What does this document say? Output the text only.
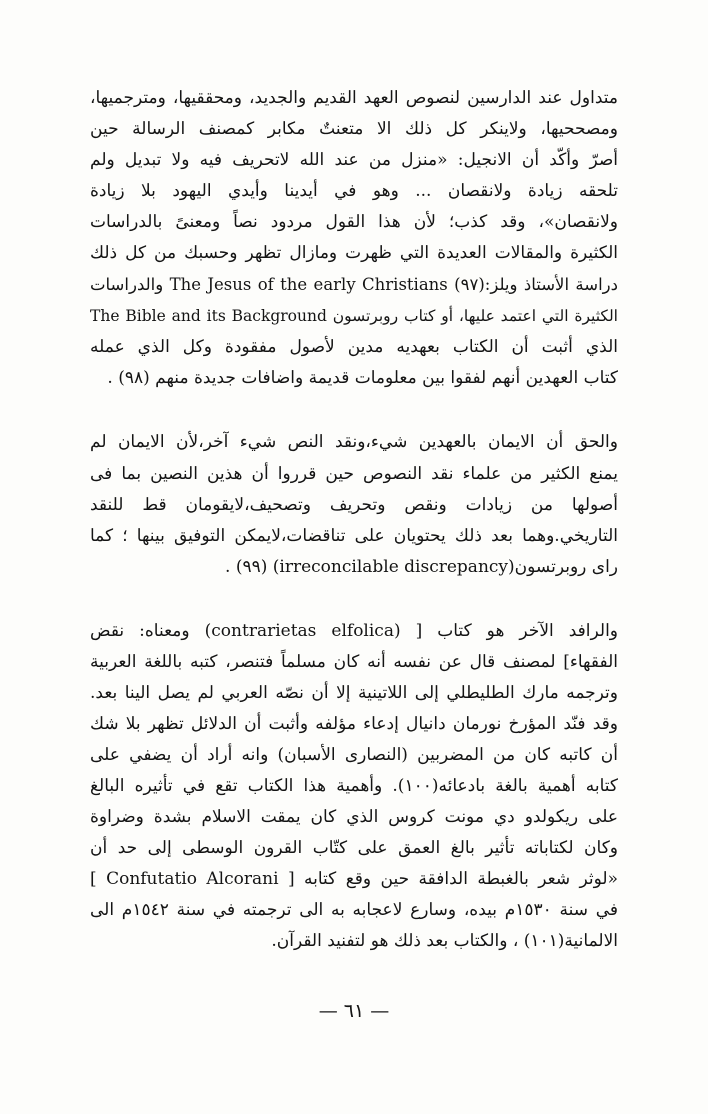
متداول عند الدارسين لنصوص العهد القديم والجديد، ومحققيها، ومترجميها،
ومصححيها، ولاينكر كل ذلك الا متعنتٌ مكابر كمصنف الرسالة حين
أصرّ وأكّد أن الانجيل: «منزل من عند الله لاتحريف فيه ولا تبديل ولم
تلحقه زيادة ولانقصان ... وهو في أيدينا وأيدي اليهود بلا زيادة
ولانقصان»، وقد كذب؛ لأن هذا القول مردود نصاً ومعنىً بالدراسات
الكثيرة والمقالات العديدة التي ظهرت ومازال تظهر وحسبك من كل ذلك
دراسة الأستاذ ويلز:(٩٧) The Jesus of the early Christians والدراسات
الكثيرة التي اعتمد عليها، أو كتاب روبرتسون The Bible and its Background
الذي أثبت أن الكتاب بعهديه مدين لأصول مفقودة وكل الذي عمله
كتاب العهدين أنهم لفقوا بين معلومات قديمة واضافات جديدة منهم (٩٨) .
والحق أن الايمان بالعهدين شيء،ونقد النص شيء آخر،لأن الايمان لم
يمنع الكثير من علماء نقد النصوص حين قرروا أن هذين النصين بما فى
أصولها من زيادات ونقص وتحريف وتصحيف،لايقومان قط للنقد
التاريخي.وهما بعد ذلك يحتويان على تناقضات،لايمكن التوفيق بينها ؛ كما
راى روبرتسون(irreconcilable discrepancy) (٩٩) .
والرافد الآخر هو كتاب [ (contrarietas elfolica) ومعناه: نقض
الفقهاء] لمصنف قال عن نفسه أنه كان مسلماً فتنصر، كتبه باللغة العربية
وترجمه مارك الطليطلي إلى اللاتينية إلا أن نصّه العربي لم يصل الينا بعد.
وقد فنّد المؤرخ نورمان دانيال إدعاء مؤلفه وأثبت أن الدلائل تظهر بلا شك
أن كاتبه كان من المضربين (النصارى الأسبان) وانه أراد أن يضفي على
كتابه أهمية بالغة بادعائه(١٠٠). وأهمية هذا الكتاب تقع في تأثيره البالغ
على ريكولدو دي مونت كروس الذي كان يمقت الاسلام بشدة وضراوة
وكان لكتاباته تأثير بالغ العمق على كتّاب القرون الوسطى إلى حد أن
«لوثر شعر بالغبطة الدافقة حين وقع كتابه [ Confutatio Alcorani ]
في سنة ١٥٣٠م بيده، وسارع لاعجابه به الى ترجمته في سنة ١٥٤٢م الى
الالمانية(١٠١) ، والكتاب بعد ذلك هو لتفنيد القرآن.
— ٦١ —
